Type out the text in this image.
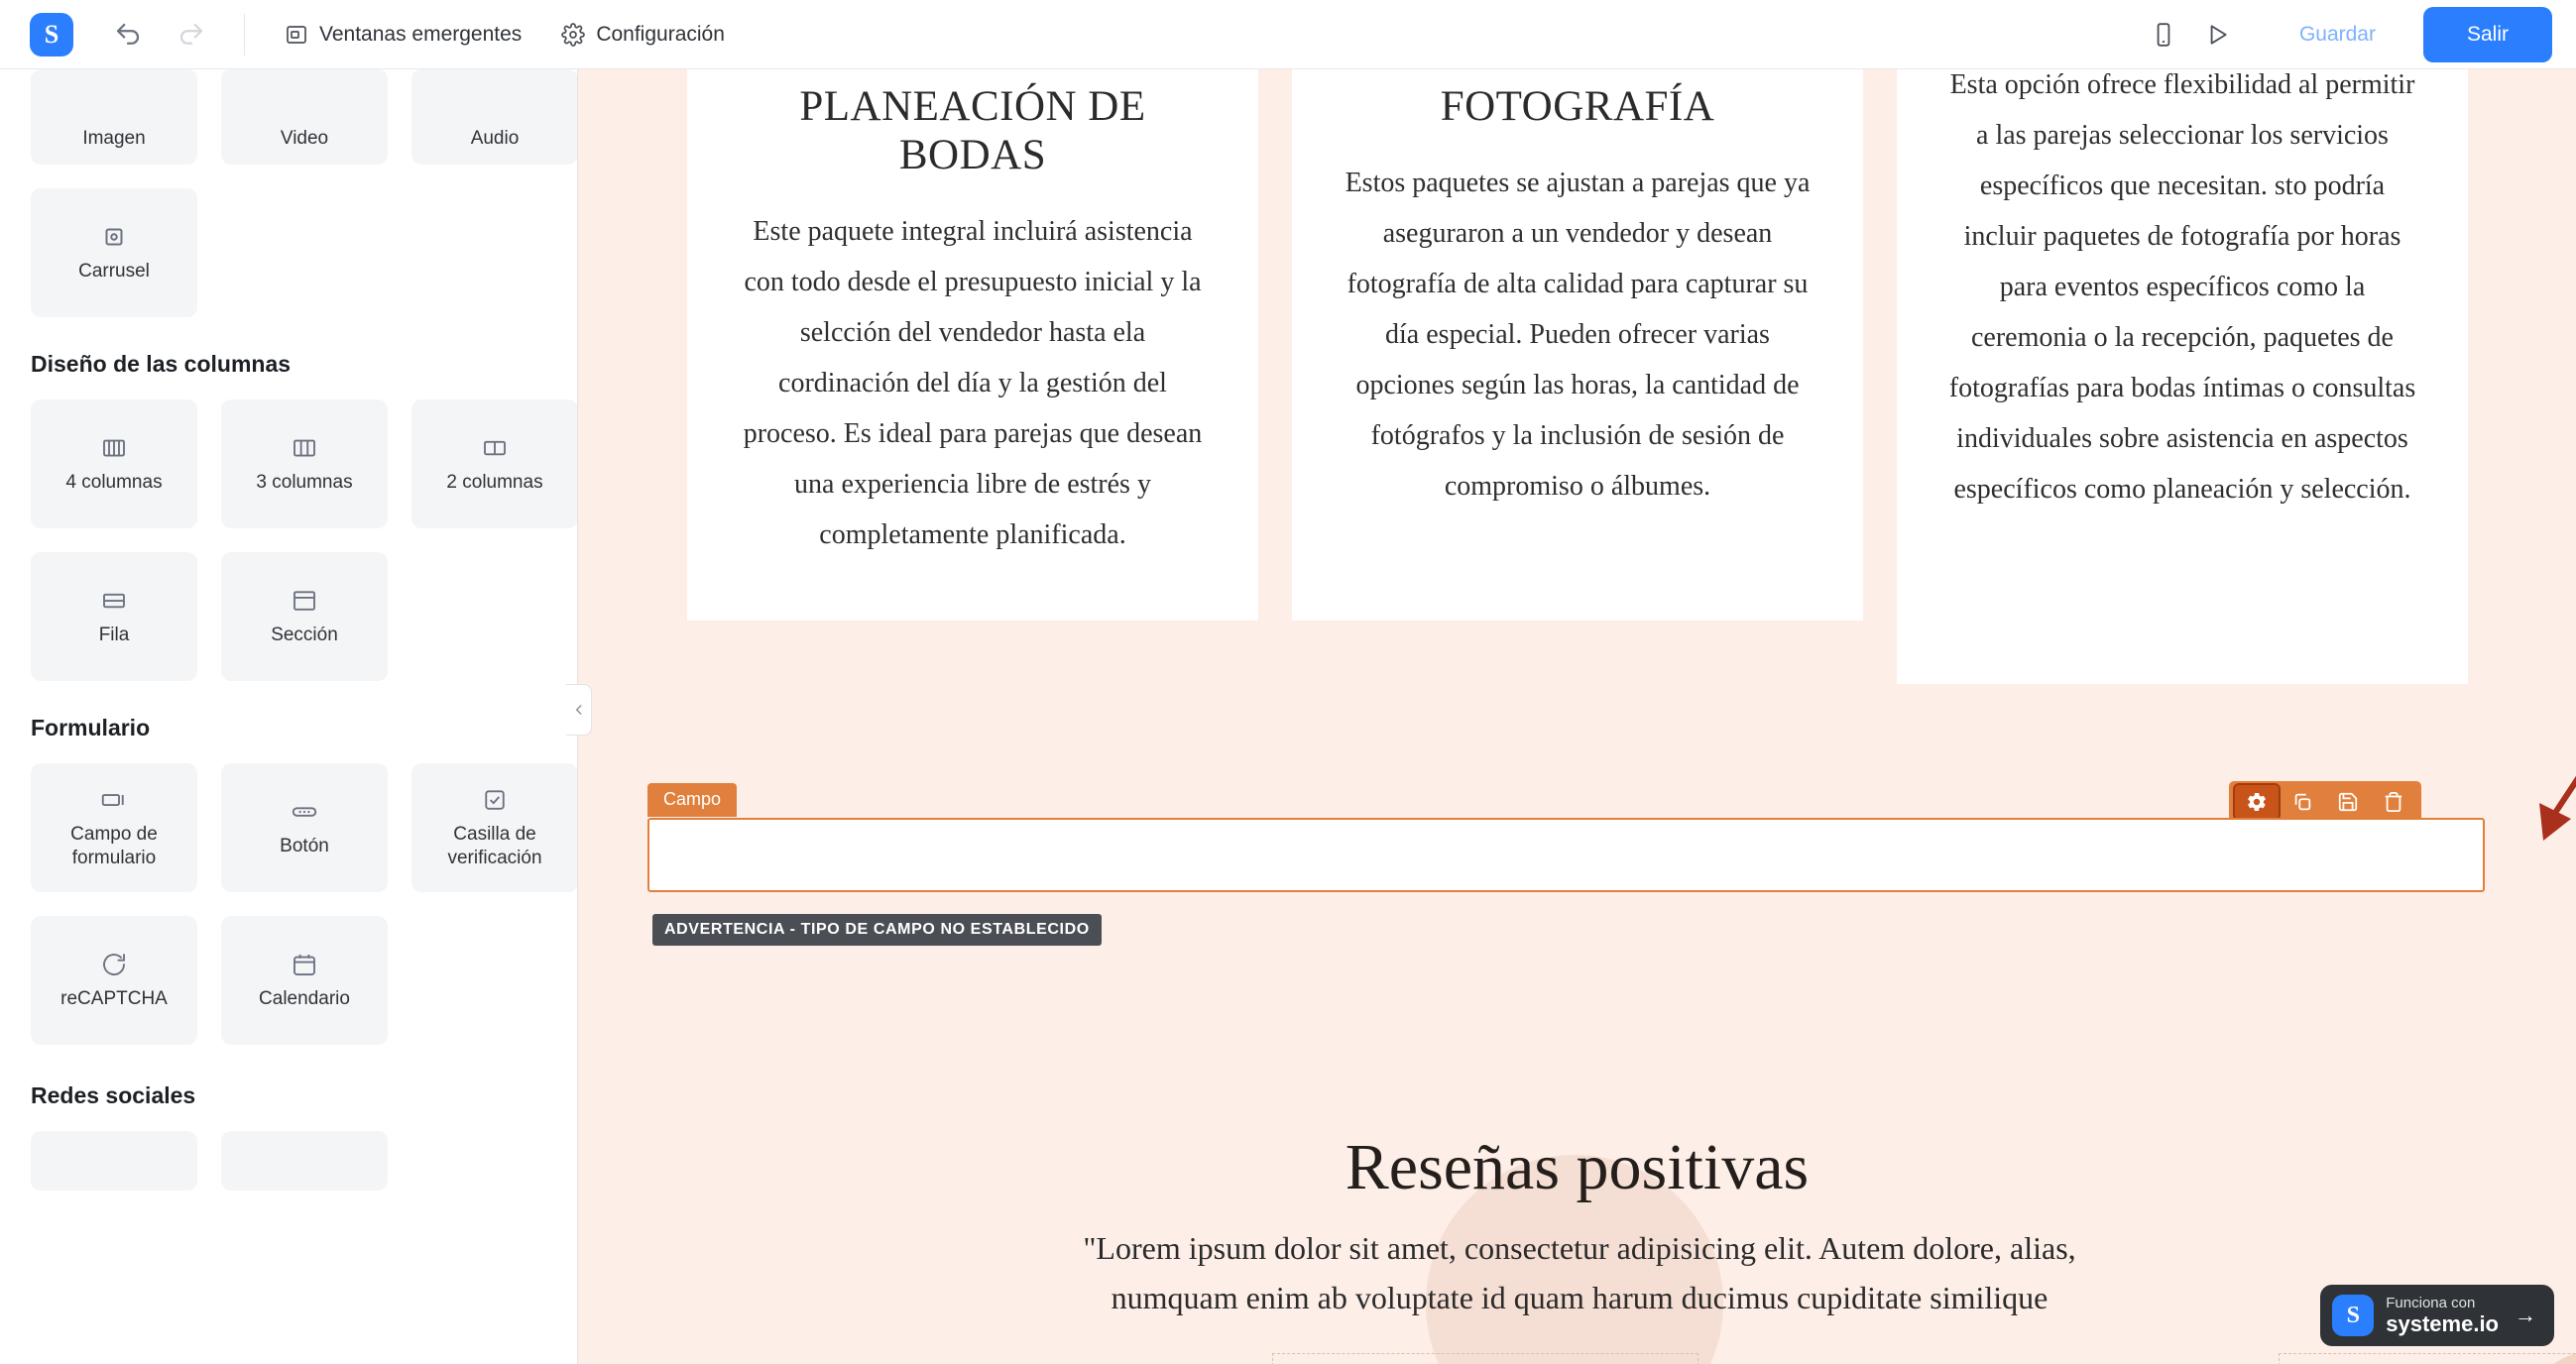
S	Ventanas emergentes	Configuración	Guardar	Salir
Imagen	Video	Audio
Carrusel
Diseño de las columnas
4 columnas	3 columnas	2 columnas
Fila	Sección
Formulario
Campo de formulario
Botón
Casilla de verificación
reCAPTCHA	Calendario
Redes sociales
PLANEACIÓN DE BODAS

Este paquete integral incluirá asistencia con todo desde el presupuesto inicial y la selcción del vendedor hasta ela cordinación del día y la gestión del proceso. Es ideal para parejas que desean una experiencia libre de estrés y completamente planificada.

FOTOGRAFÍA

Estos paquetes se ajustan a parejas que ya aseguraron a un vendedor y desean fotografía de alta calidad para capturar su día especial. Pueden ofrecer varias opciones según las horas, la cantidad de fotógrafos y la inclusión de sesión de compromiso o álbumes.

Esta opción ofrece flexibilidad al permitir a las parejas seleccionar los servicios específicos que necesitan. sto podría incluir paquetes de fotografía por horas para eventos específicos como la ceremonia o la recepción, paquetes de fotografías para bodas íntimas o consultas individuales sobre asistencia en aspectos específicos como planeación y selección.

Campo
ADVERTENCIA - TIPO DE CAMPO NO ESTABLECIDO
Reseñas positivas
"Lorem ipsum dolor sit amet, consectetur adipisicing elit. Autem dolore, alias, numquam enim ab voluptate id quam harum ducimus cupiditate similique	S	Funciona con
systeme.io →
